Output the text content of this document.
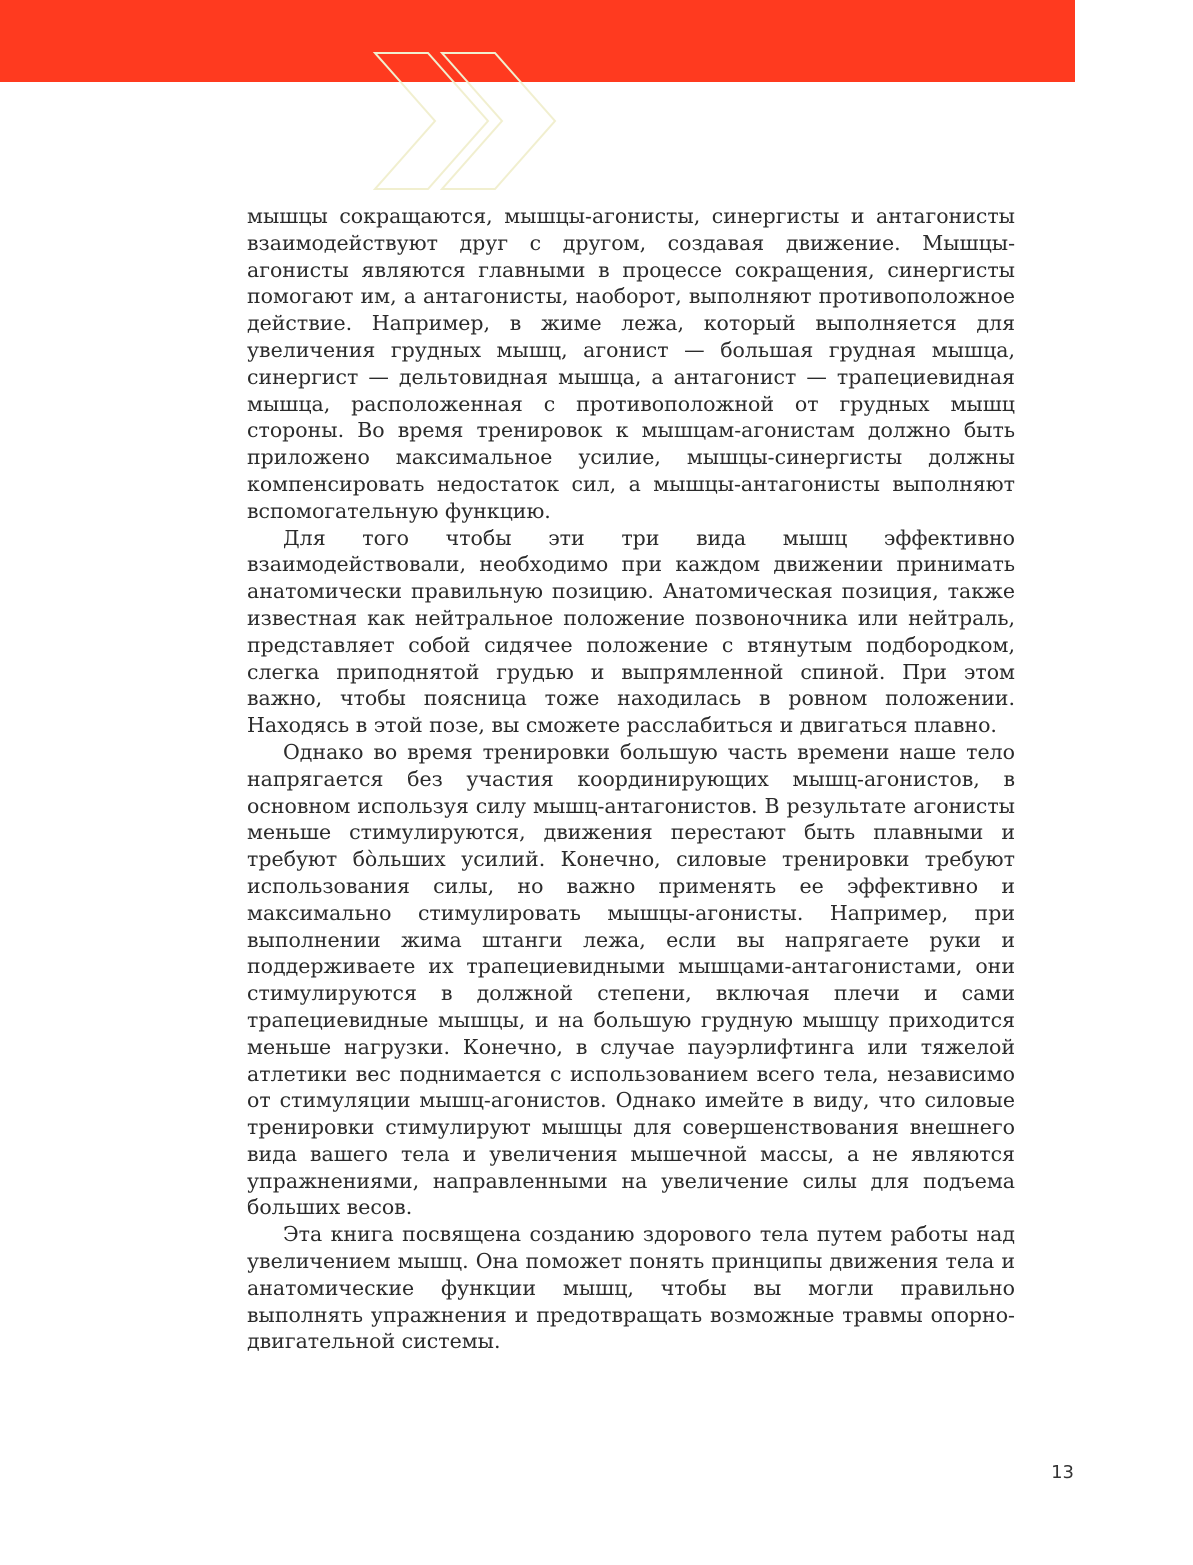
мышцы сокращаются, мышцы-агонисты, синергисты и антагонисты взаимодействуют друг с другом, создавая движение. Мышцы-агонисты являются главными в процессе сокращения, синергисты помогают им, а антагонисты, наоборот, выполняют противоположное действие. Например, в жиме лежа, который выполняется для увеличения грудных мышц, агонист — большая грудная мышца, синергист — дельтовидная мышца, а антагонист — трапециевидная мышца, расположенная с противоположной от грудных мышц стороны. Во время тренировок к мышцам-агонистам должно быть приложено максимальное усилие, мышцы-синергисты должны компенсировать недостаток сил, а мышцы-антагонисты выполняют вспомогательную функцию.

Для того чтобы эти три вида мышц эффективно взаимодействовали, необходимо при каждом движении принимать анатомически правильную позицию. Анатомическая позиция, также известная как нейтральное положение позвоночника или нейтраль, представляет собой сидячее положение с втянутым подбородком, слегка приподнятой грудью и выпрямленной спиной. При этом важно, чтобы поясница тоже находилась в ровном положении. Находясь в этой позе, вы сможете расслабиться и двигаться плавно.

Однако во время тренировки большую часть времени наше тело напрягается без участия координирующих мышц-агонистов, в основном используя силу мышц-антагонистов. В результате агонисты меньше стимулируются, движения перестают быть плавными и требуют бо̀льших усилий. Конечно, силовые тренировки требуют использования силы, но важно применять ее эффективно и максимально стимулировать мышцы-агонисты. Например, при выполнении жима штанги лежа, если вы напрягаете руки и поддерживаете их трапециевидными мышцами-антагонистами, они стимулируются в должной степени, включая плечи и сами трапециевидные мышцы, и на большую грудную мышцу приходится меньше нагрузки. Конечно, в случае пауэрлифтинга или тяжелой атлетики вес поднимается с использованием всего тела, независимо от стимуляции мышц-агонистов. Однако имейте в виду, что силовые тренировки стимулируют мышцы для совершенствования внешнего вида вашего тела и увеличения мышечной массы, а не являются упражнениями, направленными на увеличение силы для подъема больших весов.

Эта книга посвящена созданию здорового тела путем работы над увеличением мышц. Она поможет понять принципы движения тела и анатомические функции мышц, чтобы вы могли правильно выполнять упражнения и предотвращать возможные травмы опорно-двигательной системы.

13
